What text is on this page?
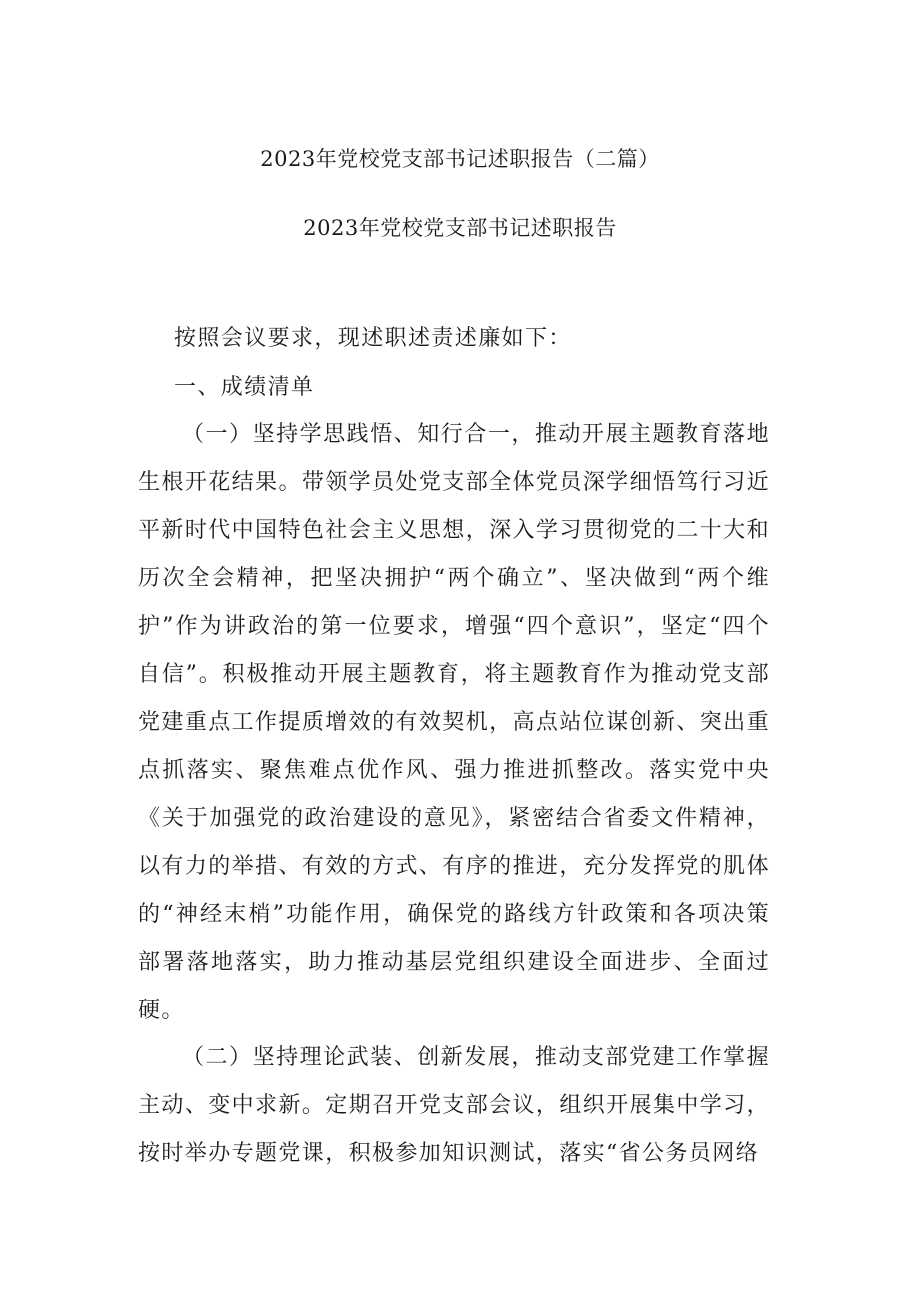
2023年党校党支部书记述职报告（二篇）
2023年党校党支部书记述职报告

按照会议要求，现述职述责述廉如下：

一、成绩清单

（一）坚持学思践悟、知行合一，推动开展主题教育落地生根开花结果。带领学员处党支部全体党员深学细悟笃行习近平新时代中国特色社会主义思想，深入学习贯彻党的二十大和历次全会精神，把坚决拥护“两个确立”、坚决做到“两个维护”作为讲政治的第一位要求，增强“四个意识”，坚定“四个自信”。积极推动开展主题教育，将主题教育作为推动党支部党建重点工作提质增效的有效契机，高点站位谋创新、突出重点抓落实、聚焦难点优作风、强力推进抓整改。落实党中央《关于加强党的政治建设的意见》，紧密结合省委文件精神，以有力的举措、有效的方式、有序的推进，充分发挥党的肌体的“神经末梢”功能作用，确保党的路线方针政策和各项决策部署落地落实，助力推动基层党组织建设全面进步、全面过硬。

（二）坚持理论武装、创新发展，推动支部党建工作掌握主动、变中求新。定期召开党支部会议，组织开展集中学习，按时举办专题党课，积极参加知识测试，落实“省公务员网络
